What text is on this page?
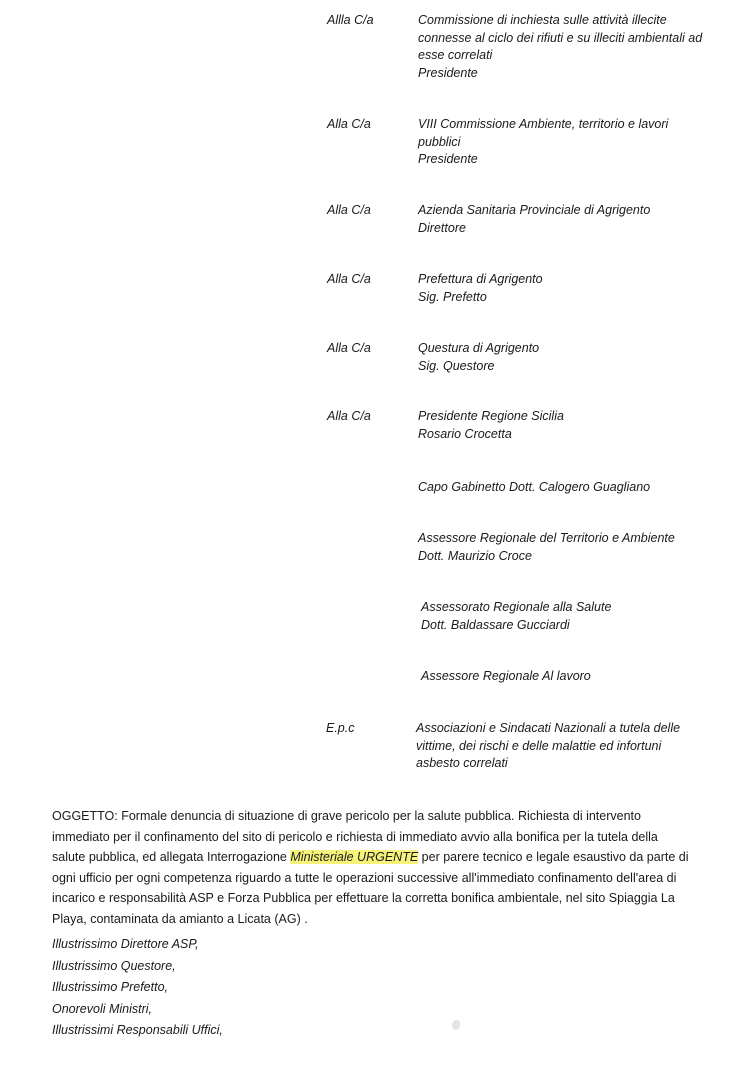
Allla C/a	Commissione di inchiesta sulle attività illecite
connesse al ciclo dei rifiuti e su illeciti ambientali ad
esse correlati
Presidente
Alla C/a	VIII Commissione Ambiente, territorio e lavori
pubblici
Presidente
Alla C/a	Azienda Sanitaria Provinciale di Agrigento
Direttore
Alla C/a	Prefettura di Agrigento
Sig. Prefetto
Alla C/a	Questura di Agrigento
Sig. Questore
Alla C/a	Presidente Regione Sicilia
Rosario Crocetta
Capo Gabinetto Dott. Calogero Guagliano
Assessore Regionale del Territorio e Ambiente
Dott. Maurizio Croce
Assessorato Regionale alla Salute
Dott. Baldassare Gucciardi
Assessore Regionale Al lavoro
E.p.c	Associazioni e Sindacati Nazionali a tutela delle
vittime, dei rischi e delle malattie ed infortuni
asbesto correlati
OGGETTO: Formale denuncia di situazione di grave pericolo per la salute pubblica. Richiesta di intervento
immediato per il confinamento del sito di pericolo e richiesta di immediato avvio alla bonifica per la tutela della
salute pubblica, ed allegata Interrogazione Ministeriale URGENTE per parere tecnico e legale esaustivo da parte di
ogni ufficio per ogni competenza riguardo a tutte le operazioni successive all'immediato confinamento dell'area di
incarico e responsabilità ASP e Forza Pubblica per effettuare la corretta bonifica ambientale, nel sito Spiaggia La
Playa, contaminata da amianto a Licata (AG) .
Illustrissimo Direttore ASP,
Illustrissimo Questore,
Illustrissimo Prefetto,
Onorevoli Ministri,
Illustrissimi Responsabili Uffici,
